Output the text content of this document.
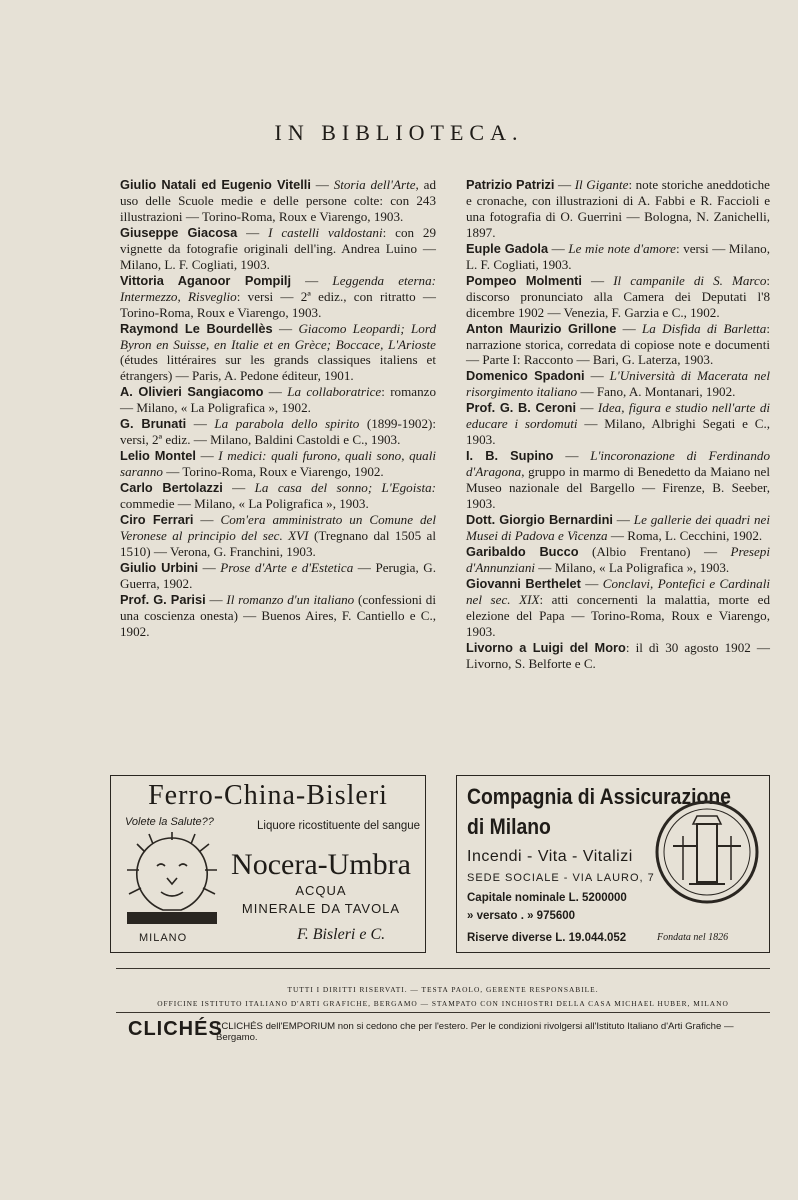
IN BIBLIOTECA.

Giulio Natali ed Eugenio Vitelli — Storia dell'Arte, ad uso delle Scuole medie e delle persone colte: con 243 illustrazioni — Torino-Roma, Roux e Viarengo, 1903.

Giuseppe Giacosa — I castelli valdostani: con 29 vignette da fotografie originali dell'ing. Andrea Luino — Milano, L. F. Cogliati, 1903.

Vittoria Aganoor Pompilj — Leggenda eterna: Intermezzo, Risveglio: versi — 2ª ediz., con ritratto — Torino-Roma, Roux e Viarengo, 1903.

Raymond Le Bourdellès — Giacomo Leopardi; Lord Byron en Suisse, en Italie et en Grèce; Boccace, L'Arioste (études littéraires sur les grands classiques italiens et étrangers) — Paris, A. Pedone éditeur, 1901.

A. Olivieri Sangiacomo — La collaboratrice: romanzo — Milano, « La Poligrafica », 1902.

G. Brunati — La parabola dello spirito (1899-1902): versi, 2ª ediz. — Milano, Baldini Castoldi e C., 1903.

Lelio Montel — I medici: quali furono, quali sono, quali saranno — Torino-Roma, Roux e Viarengo, 1902.

Carlo Bertolazzi — La casa del sonno; L'Egoista: commedie — Milano, « La Poligrafica », 1903.

Ciro Ferrari — Com'era amministrato un Comune del Veronese al principio del sec. XVI (Tregnano dal 1505 al 1510) — Verona, G. Franchini, 1903.

Giulio Urbini — Prose d'Arte e d'Estetica — Perugia, G. Guerra, 1902.

Prof. G. Parisi — Il romanzo d'un italiano (confessioni di una coscienza onesta) — Buenos Aires, F. Cantiello e C., 1902.

Patrizio Patrizi — Il Gigante: note storiche aneddotiche e cronache, con illustrazioni di A. Fabbi e R. Faccioli e una fotografia di O. Guerrini — Bologna, N. Zanichelli, 1897.

Euple Gadola — Le mie note d'amore: versi — Milano, L. F. Cogliati, 1903.

Pompeo Molmenti — Il campanile di S. Marco: discorso pronunciato alla Camera dei Deputati l'8 dicembre 1902 — Venezia, F. Garzia e C., 1902.

Anton Maurizio Grillone — La Disfida di Barletta: narrazione storica, corredata di copiose note e documenti — Parte I: Racconto — Bari, G. Laterza, 1903.

Domenico Spadoni — L'Università di Macerata nel risorgimento italiano — Fano, A. Montanari, 1902.

Prof. G. B. Ceroni — Idea, figura e studio nell'arte di educare i sordomuti — Milano, Albrighi Segati e C., 1903.

I. B. Supino — L'incoronazione di Ferdinando d'Aragona, gruppo in marmo di Benedetto da Maiano nel Museo nazionale del Bargello — Firenze, B. Seeber, 1903.

Dott. Giorgio Bernardini — Le gallerie dei quadri nei Musei di Padova e Vicenza — Roma, L. Cecchini, 1902.

Garibaldo Bucco (Albio Frentano) — Presepi d'Annunziani — Milano, « La Poligrafica », 1903.

Giovanni Berthelet — Conclavi, Pontefici e Cardinali nel sec. XIX: atti concernenti la malattia, morte ed elezione del Papa — Torino-Roma, Roux e Viarengo, 1903.

Livorno a Luigi del Moro: il dì 30 agosto 1902 — Livorno, S. Belforte e C.

Ferro-China-Bisleri
Volete la Salute??	Liquore ricostituente del sangue
Nocera-Umbra
ACQUA
MINERALE DA TAVOLA
MILANO	F. Bisleri e C.
Compagnia di Assicurazione
di Milano
Incendi - Vita - Vitalizi
SEDE SOCIALE - VIA LAURO, 7
Capitale nominale L. 5200000
» versato . » 975600
Riserve diverse L. 19.044.052	Fondata nel 1826
TUTTI I DIRITTI RISERVATI. — TESTA PAOLO, GERENTE RESPONSABILE.
OFFICINE ISTITUTO ITALIANO D'ARTI GRAFICHE, BERGAMO — STAMPATO CON INCHIOSTRI DELLA CASA MICHAEL HUBER, MILANO
CLICHÉS
I CLICHÉS dell'EMPORIUM non si cedono che per l'estero. Per le condizioni rivolgersi all'Istituto Italiano d'Arti Grafiche — Bergamo.
